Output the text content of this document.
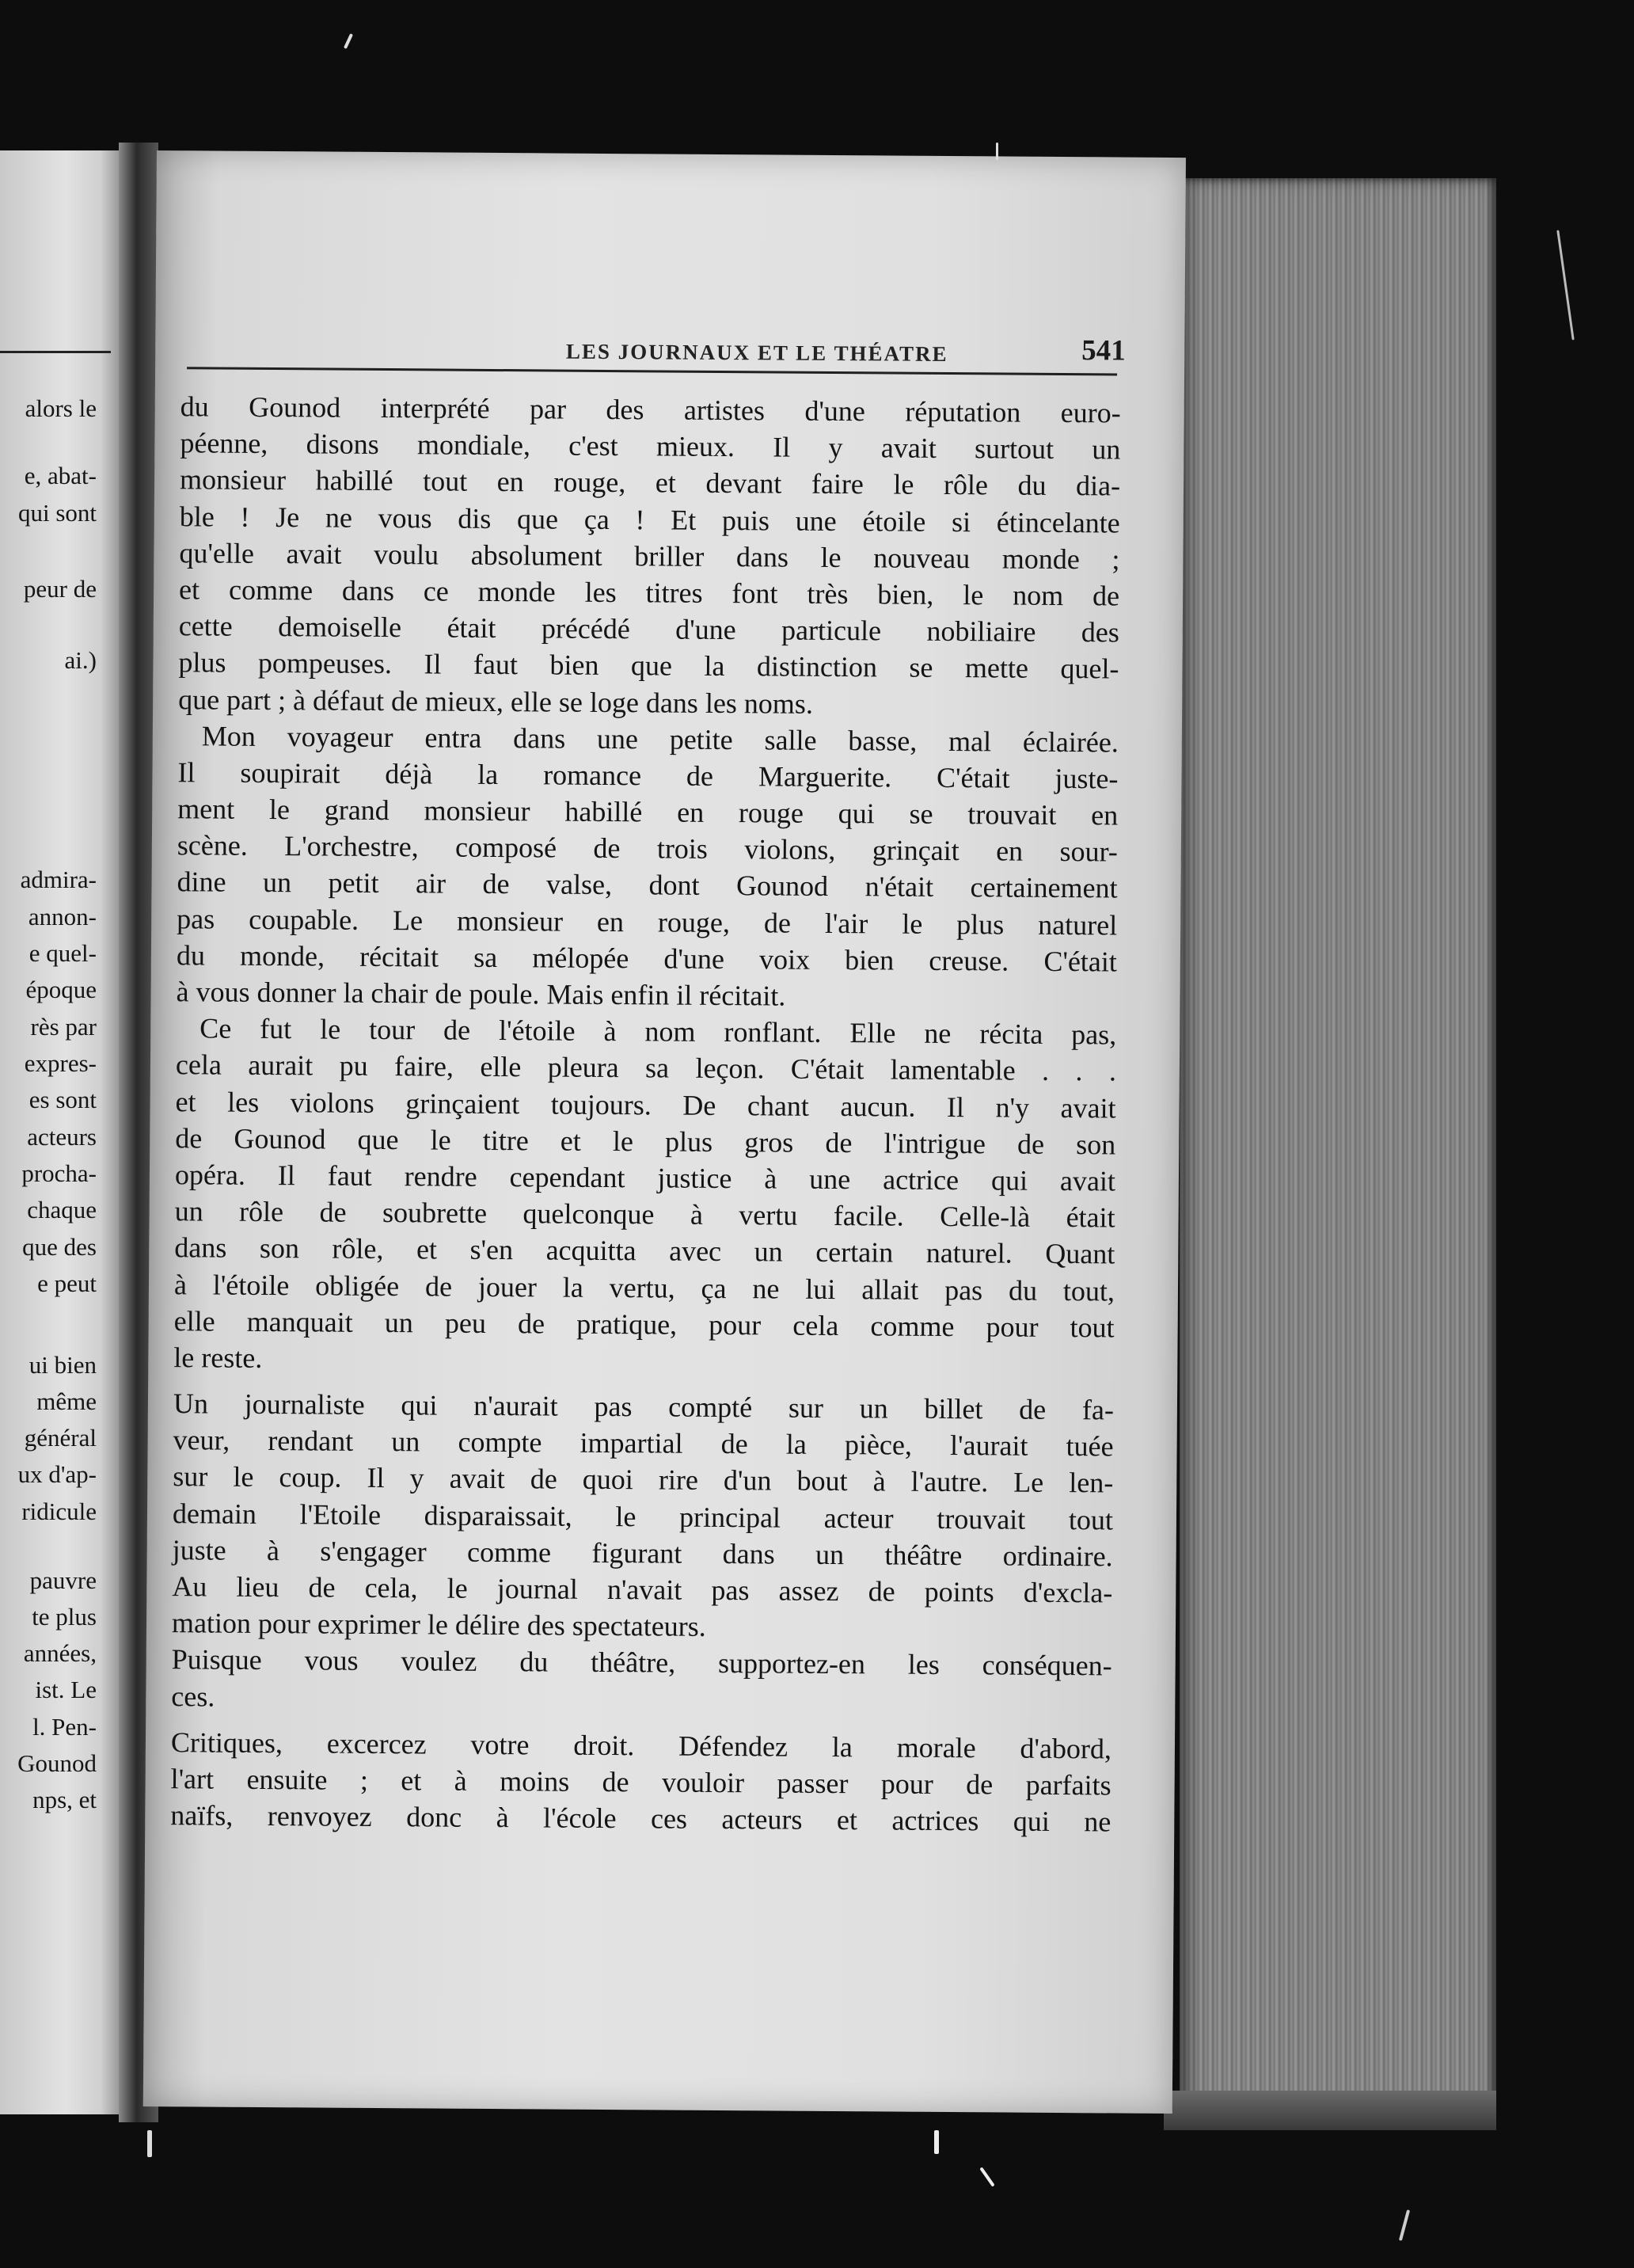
alors le
e, abat-
qui sont
peur de
ai.)
admira-
annon-
e quel-
époque
rès par
expres-
es sont
acteurs
procha-
chaque
que des
e peut
ui bien
même
général
ux d'ap-
ridicule
pauvre
te plus
années,
ist. Le
l. Pen-
Gounod
nps, et
LES JOURNAUX ET LE THÉATRE	541
du Gounod interprété par des artistes d'une réputation euro-
péenne, disons mondiale, c'est mieux. Il y avait surtout un
monsieur habillé tout en rouge, et devant faire le rôle du dia-
ble ! Je ne vous dis que ça ! Et puis une étoile si étincelante
qu'elle avait voulu absolument briller dans le nouveau monde ;
et comme dans ce monde les titres font très bien, le nom de
cette demoiselle était précédé d'une particule nobiliaire des
plus pompeuses. Il faut bien que la distinction se mette quel-
que part ; à défaut de mieux, elle se loge dans les noms.
Mon voyageur entra dans une petite salle basse, mal éclairée.
Il soupirait déjà la romance de Marguerite. C'était juste-
ment le grand monsieur habillé en rouge qui se trouvait en
scène. L'orchestre, composé de trois violons, grinçait en sour-
dine un petit air de valse, dont Gounod n'était certainement
pas coupable. Le monsieur en rouge, de l'air le plus naturel
du monde, récitait sa mélopée d'une voix bien creuse. C'était
à vous donner la chair de poule. Mais enfin il récitait.
Ce fut le tour de l'étoile à nom ronflant. Elle ne récita pas,
cela aurait pu faire, elle pleura sa leçon. C'était lamentable . . .
et les violons grinçaient toujours. De chant aucun. Il n'y avait
de Gounod que le titre et le plus gros de l'intrigue de son
opéra. Il faut rendre cependant justice à une actrice qui avait
un rôle de soubrette quelconque à vertu facile. Celle-là était
dans son rôle, et s'en acquitta avec un certain naturel. Quant
à l'étoile obligée de jouer la vertu, ça ne lui allait pas du tout,
elle manquait un peu de pratique, pour cela comme pour tout
le reste.
Un journaliste qui n'aurait pas compté sur un billet de fa-
veur, rendant un compte impartial de la pièce, l'aurait tuée
sur le coup. Il y avait de quoi rire d'un bout à l'autre. Le len-
demain l'Etoile disparaissait, le principal acteur trouvait tout
juste à s'engager comme figurant dans un théâtre ordinaire.
Au lieu de cela, le journal n'avait pas assez de points d'excla-
mation pour exprimer le délire des spectateurs.
Puisque vous voulez du théâtre, supportez-en les conséquen-
ces.
Critiques, excercez votre droit. Défendez la morale d'abord,
l'art ensuite ; et à moins de vouloir passer pour de parfaits
naïfs, renvoyez donc à l'école ces acteurs et actrices qui ne
